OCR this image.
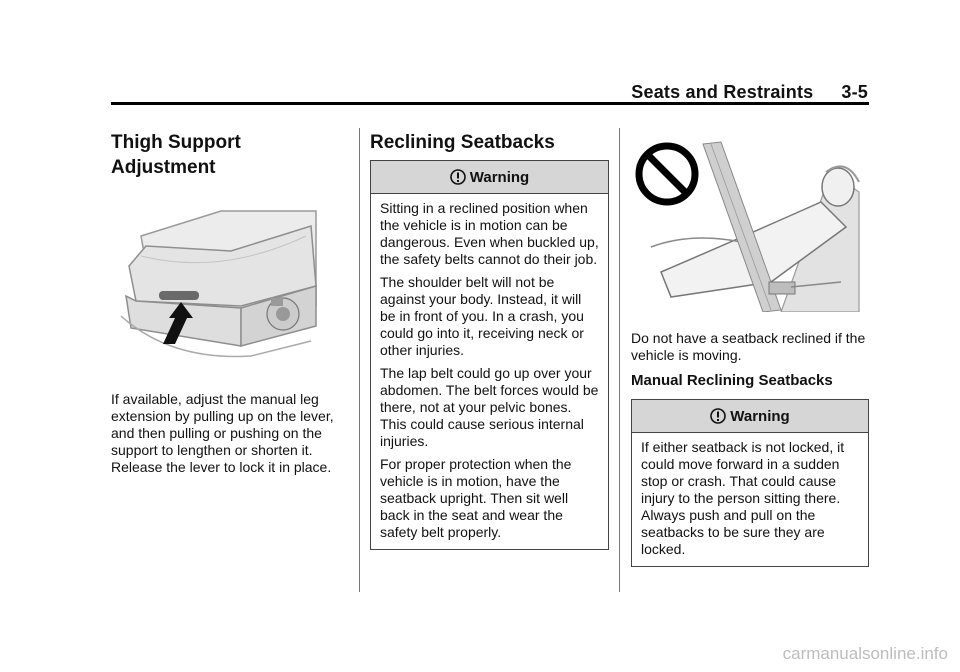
Seats and Restraints 3-5
Thigh Support
Adjustment

If available, adjust the manual leg extension by pulling up on the lever, and then pulling or pushing on the support to lengthen or shorten it. Release the lever to lock it in place.

Reclining Seatbacks
Warning

Sitting in a reclined position when the vehicle is in motion can be dangerous. Even when buckled up, the safety belts cannot do their job.

The shoulder belt will not be against your body. Instead, it will be in front of you. In a crash, you could go into it, receiving neck or other injuries.

The lap belt could go up over your abdomen. The belt forces would be there, not at your pelvic bones. This could cause serious internal injuries.

For proper protection when the vehicle is in motion, have the seatback upright. Then sit well back in the seat and wear the safety belt properly.

Do not have a seatback reclined if the vehicle is moving.

Manual Reclining Seatbacks
Warning

If either seatback is not locked, it could move forward in a sudden stop or crash. That could cause injury to the person sitting there. Always push and pull on the seatbacks to be sure they are locked.

carmanualsonline.info
